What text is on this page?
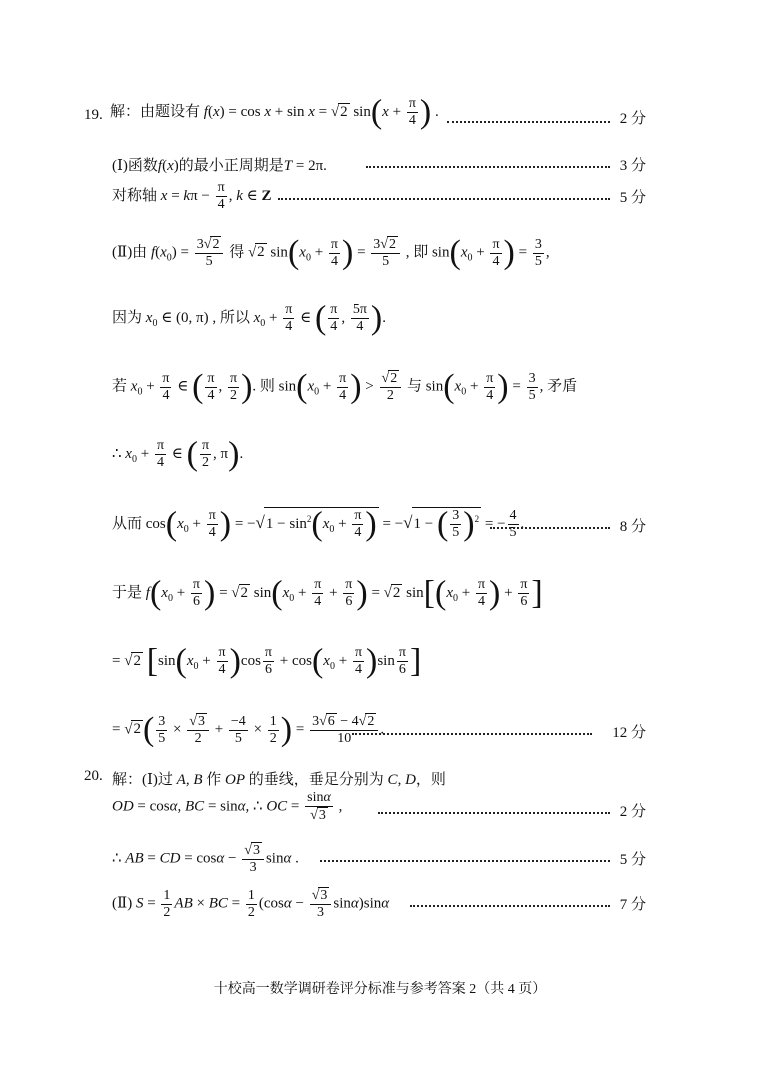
19. 解：由题设有 f(x) = cos x + sin x = √2 $\sin(x + \frac{\pi}{4}$ ) .	2 分
(Ⅰ)函数f(x)的最小正周期是T = 2π.	3 分
对称轴 $x = k\pi - \frac{\pi}{4}$ , k ∈ Z	5 分
(Ⅱ)由 $f(x_0) = \frac{3√2}{5}$ 得 √2 $\sin(x_0 + \frac{\pi}{4}$ ) = $\frac{3√2}{5}$ , 即 $\sin(x_0 + \frac{\pi}{4}$ ) = $\frac{3}{5}$ ,
因为 $x_0$ ∈ (0, π) , 所以 $x_0 + \frac{\pi}{4}$ ∈ ( $\frac{\pi}{4}$ , $\frac{5\pi}{4}$ ).
若 $x_0 + \frac{\pi}{4}$ ∈ ( $\frac{\pi}{4}$ , $\frac{\pi}{2}$ ). 则 $\sin(x_0 + \frac{\pi}{4}$ ) > $\frac{√2}{2}$ 与 $\sin(x_0 + \frac{\pi}{4}$ ) = $\frac{3}{5}$ , 矛盾
∴ $x_0 + \frac{\pi}{4}$ ∈ ( $\frac{\pi}{2}$ , π).
从而 $\cos(x_0 + \frac{\pi}{4}$ ) = $-√1 - \sin^2(x_0 + \frac{\pi}{4}$ ) = −√1 − ( $\frac{3}{5} )^2$ = − $\frac{4}{5}$ .	8 分
于是 $f(x_0 + \frac{\pi}{6}$ ) = √2 $\sin(x_0 + \frac{\pi}{4} + \frac{\pi}{6}$ ) = √2 $\sin[(x_0 + \frac{\pi}{4}$ ) + $\frac{\pi}{6}$ ]
= √2 [$\sin(x_0 + \frac{\pi}{4} )\cos \frac{\pi}{6} + \cos(x_0 + \frac{\pi}{4} )\sin \frac{\pi}{6}$ ]
= $√2( \frac{3}{5} \times \frac{√3}{2} + \frac{-4}{5} \times \frac{1}{2}$ ) = $\frac{3√6 - 4√2}{10}$ .	12 分
20. 解：(Ⅰ)过 A, B 作 OP 的垂线，垂足分别为 C, D，则
OD = cosα, BC = sinα, ∴ OC = $\frac{\sin\alpha}{√3}$ ,	2 分
∴ AB = CD = $\cos\alpha - \frac{√3}{3}$ sinα .	5 分
(Ⅱ) $S = \frac{1}{2}$ AB × BC = $\frac{1}{2} (\cos\alpha - \frac{√3}{3} \sin\alpha)\sin\alpha$	7 分
十校高一数学调研卷评分标准与参考答案 2（共 4 页）
